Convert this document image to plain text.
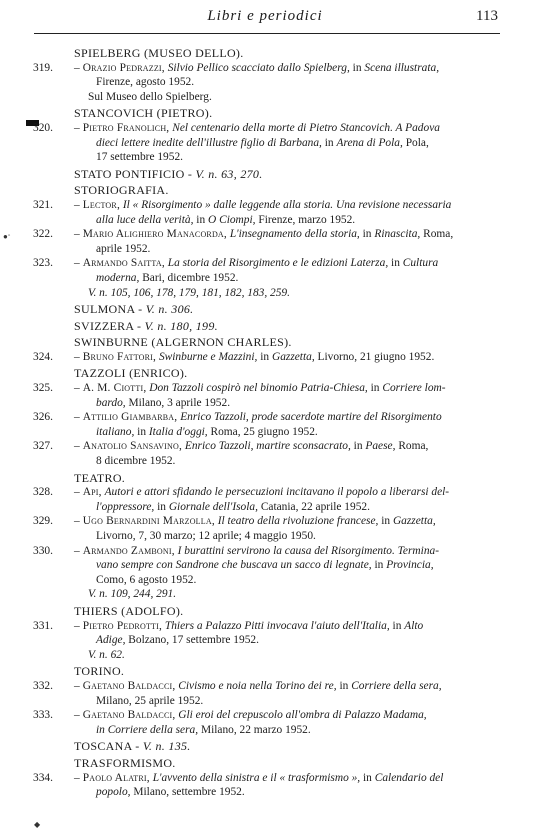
Libri e periodici	113
●ᵔ
◆
SPIELBERG (MUSEO DELLO).
319. – Orazio Pedrazzi, Silvio Pellico scacciato dallo Spielberg, in Scena illustrata,
Firenze, agosto 1952.
Sul Museo dello Spielberg.
STANCOVICH (PIETRO).
320. – Pietro Franolich, Nel centenario della morte di Pietro Stancovich. A Padova
dieci lettere inedite dell'illustre figlio di Barbana, in Arena di Pola, Pola,
17 settembre 1952.
STATO PONTIFICIO - V. n. 63, 270.
STORIOGRAFIA.
321. – Lector, Il « Risorgimento » dalle leggende alla storia. Una revisione necessaria
alla luce della verità, in O Ciompi, Firenze, marzo 1952.
322. – Mario Alighiero Manacorda, L'insegnamento della storia, in Rinascita, Roma,
aprile 1952.
323. – Armando Saitta, La storia del Risorgimento e le edizioni Laterza, in Cultura
moderna, Bari, dicembre 1952.
V. n. 105, 106, 178, 179, 181, 182, 183, 259.
SULMONA - V. n. 306.
SVIZZERA - V. n. 180, 199.
SWINBURNE (ALGERNON CHARLES).
324. – Bruno Fattori, Swinburne e Mazzini, in Gazzetta, Livorno, 21 giugno 1952.
TAZZOLI (ENRICO).
325. – A. M. Ciotti, Don Tazzoli cospirò nel binomio Patria-Chiesa, in Corriere lom-
bardo, Milano, 3 aprile 1952.
326. – Attilio Giambarba, Enrico Tazzoli, prode sacerdote martire del Risorgimento
italiano, in Italia d'oggi, Roma, 25 giugno 1952.
327. – Anatolio Sansavino, Enrico Tazzoli, martire sconsacrato, in Paese, Roma,
8 dicembre 1952.
TEATRO.
328. – Api, Autori e attori sfidando le persecuzioni incitavano il popolo a liberarsi del-
l'oppressore, in Giornale dell'Isola, Catania, 22 aprile 1952.
329. – Ugo Bernardini Marzolla, Il teatro della rivoluzione francese, in Gazzetta,
Livorno, 7, 30 marzo; 12 aprile; 4 maggio 1950.
330. – Armando Zamboni, I burattini servirono la causa del Risorgimento. Termina-
vano sempre con Sandrone che buscava un sacco di legnate, in Provincia,
Como, 6 agosto 1952.
V. n. 109, 244, 291.
THIERS (ADOLFO).
331. – Pietro Pedrotti, Thiers a Palazzo Pitti invocava l'aiuto dell'Italia, in Alto
Adige, Bolzano, 17 settembre 1952.
V. n. 62.
TORINO.
332. – Gaetano Baldacci, Civismo e noia nella Torino dei re, in Corriere della sera,
Milano, 25 aprile 1952.
333. – Gaetano Baldacci, Gli eroi del crepuscolo all'ombra di Palazzo Madama,
in Corriere della sera, Milano, 22 marzo 1952.
TOSCANA - V. n. 135.
TRASFORMISMO.
334. – Paolo Alatri, L'avvento della sinistra e il « trasformismo », in Calendario del
popolo, Milano, settembre 1952.
